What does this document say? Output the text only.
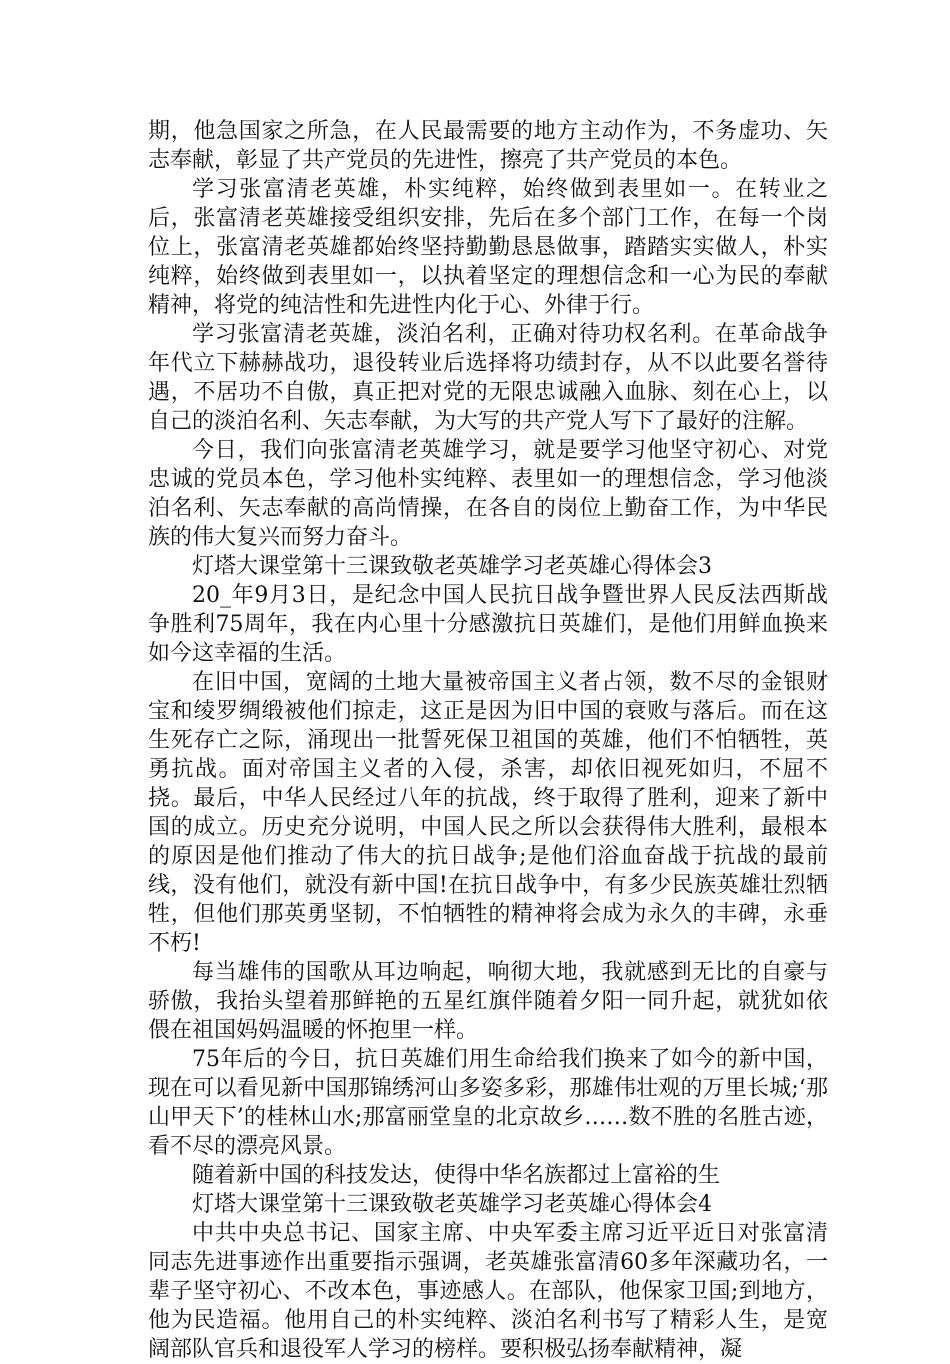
期，他急国家之所急，在人民最需要的地方主动作为，不务虚功、矢志奉献，彰显了共产党员的先进性，擦亮了共产党员的本色。

学习张富清老英雄，朴实纯粹，始终做到表里如一。在转业之后，张富清老英雄接受组织安排，先后在多个部门工作，在每一个岗位上，张富清老英雄都始终坚持勤勤恳恳做事，踏踏实实做人，朴实纯粹，始终做到表里如一，以执着坚定的理想信念和一心为民的奉献精神，将党的纯洁性和先进性内化于心、外律于行。

学习张富清老英雄，淡泊名利，正确对待功权名利。在革命战争年代立下赫赫战功，退役转业后选择将功绩封存，从不以此要名誉待遇，不居功不自傲，真正把对党的无限忠诚融入血脉、刻在心上，以自己的淡泊名利、矢志奉献，为大写的共产党人写下了最好的注解。

今日，我们向张富清老英雄学习，就是要学习他坚守初心、对党忠诚的党员本色，学习他朴实纯粹、表里如一的理想信念，学习他淡泊名利、矢志奉献的高尚情操，在各自的岗位上勤奋工作，为中华民族的伟大复兴而努力奋斗。

灯塔大课堂第十三课致敬老英雄学习老英雄心得体会3

20_年9月3日，是纪念中国人民抗日战争暨世界人民反法西斯战争胜利75周年，我在内心里十分感激抗日英雄们，是他们用鲜血换来如今这幸福的生活。

在旧中国，宽阔的土地大量被帝国主义者占领，数不尽的金银财宝和绫罗绸缎被他们掠走，这正是因为旧中国的衰败与落后。而在这生死存亡之际，涌现出一批誓死保卫祖国的英雄，他们不怕牺牲，英勇抗战。面对帝国主义者的入侵，杀害，却依旧视死如归，不屈不挠。最后，中华人民经过八年的抗战，终于取得了胜利，迎来了新中国的成立。历史充分说明，中国人民之所以会获得伟大胜利，最根本的原因是他们推动了伟大的抗日战争;是他们浴血奋战于抗战的最前线，没有他们，就没有新中国!在抗日战争中，有多少民族英雄壮烈牺牲，但他们那英勇坚韧，不怕牺牲的精神将会成为永久的丰碑，永垂不朽!

每当雄伟的国歌从耳边响起，响彻大地，我就感到无比的自豪与骄傲，我抬头望着那鲜艳的五星红旗伴随着夕阳一同升起，就犹如依偎在祖国妈妈温暖的怀抱里一样。

75年后的今日，抗日英雄们用生命给我们换来了如今的新中国，现在可以看见新中国那锦绣河山多姿多彩，那雄伟壮观的万里长城;‘那山甲天下’的桂林山水;那富丽堂皇的北京故乡……数不胜的名胜古迹，看不尽的漂亮风景。

随着新中国的科技发达，使得中华名族都过上富裕的生

灯塔大课堂第十三课致敬老英雄学习老英雄心得体会4

中共中央总书记、国家主席、中央军委主席习近平近日对张富清同志先进事迹作出重要指示强调，老英雄张富清60多年深藏功名，一辈子坚守初心、不改本色，事迹感人。在部队，他保家卫国;到地方，他为民造福。他用自己的朴实纯粹、淡泊名利书写了精彩人生，是宽阔部队官兵和退役军人学习的榜样。要积极弘扬奉献精神，凝
